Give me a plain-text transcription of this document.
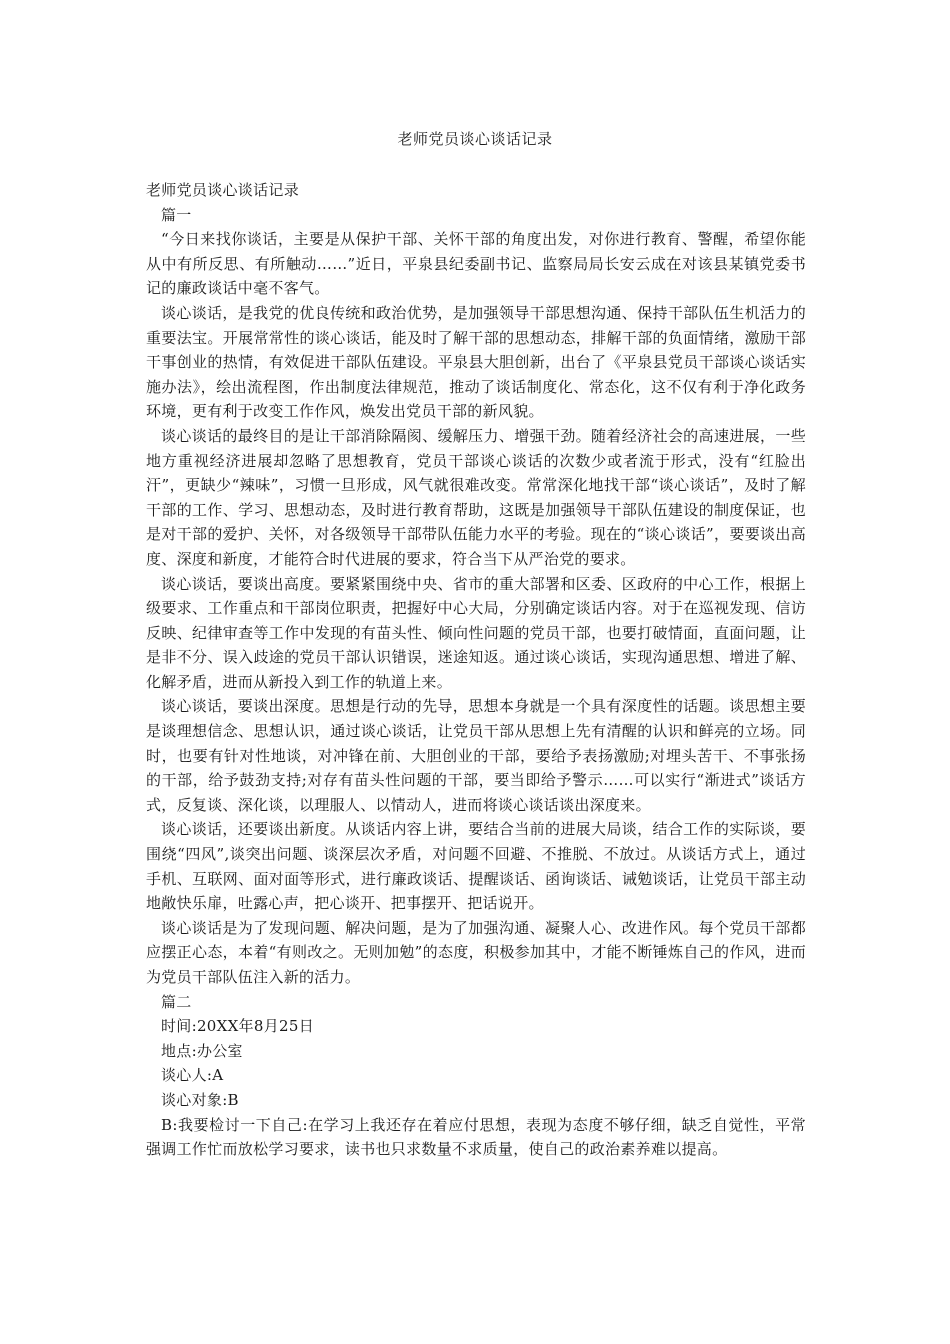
老师党员谈心谈话记录

老师党员谈心谈话记录

篇一

“今日来找你谈话，主要是从保护干部、关怀干部的角度出发，对你进行教育、警醒，希望你能从中有所反思、有所触动……”近日，平泉县纪委副书记、监察局局长安云成在对该县某镇党委书记的廉政谈话中毫不客气。

谈心谈话，是我党的优良传统和政治优势，是加强领导干部思想沟通、保持干部队伍生机活力的重要法宝。开展常常性的谈心谈话，能及时了解干部的思想动态，排解干部的负面情绪，激励干部干事创业的热情，有效促进干部队伍建设。平泉县大胆创新，出台了《平泉县党员干部谈心谈话实施办法》，绘出流程图，作出制度法律规范，推动了谈话制度化、常态化，这不仅有利于净化政务环境，更有利于改变工作作风，焕发出党员干部的新风貌。

谈心谈话的最终目的是让干部消除隔阂、缓解压力、增强干劲。随着经济社会的高速进展，一些地方重视经济进展却忽略了思想教育，党员干部谈心谈话的次数少或者流于形式，没有“红脸出汗”，更缺少“辣味”，习惯一旦形成，风气就很难改变。常常深化地找干部“谈心谈话”，及时了解干部的工作、学习、思想动态，及时进行教育帮助，这既是加强领导干部队伍建设的制度保证，也是对干部的爱护、关怀，对各级领导干部带队伍能力水平的考验。现在的“谈心谈话”，要要谈出高度、深度和新度，才能符合时代进展的要求，符合当下从严治党的要求。

谈心谈话，要谈出高度。要紧紧围绕中央、省市的重大部署和区委、区政府的中心工作，根据上级要求、工作重点和干部岗位职责，把握好中心大局，分别确定谈话内容。对于在巡视发现、信访反映、纪律审查等工作中发现的有苗头性、倾向性问题的党员干部，也要打破情面，直面问题，让是非不分、误入歧途的党员干部认识错误，迷途知返。通过谈心谈话，实现沟通思想、增进了解、化解矛盾，进而从新投入到工作的轨道上来。

谈心谈话，要谈出深度。思想是行动的先导，思想本身就是一个具有深度性的话题。谈思想主要是谈理想信念、思想认识，通过谈心谈话，让党员干部从思想上先有清醒的认识和鲜亮的立场。同时，也要有针对性地谈，对冲锋在前、大胆创业的干部，要给予表扬激励;对埋头苦干、不事张扬的干部，给予鼓劲支持;对存有苗头性问题的干部，要当即给予警示……可以实行“渐进式”谈话方式，反复谈、深化谈，以理服人、以情动人，进而将谈心谈话谈出深度来。

谈心谈话，还要谈出新度。从谈话内容上讲，要结合当前的进展大局谈，结合工作的实际谈，要围绕“四风”,谈突出问题、谈深层次矛盾，对问题不回避、不推脱、不放过。从谈话方式上，通过手机、互联网、面对面等形式，进行廉政谈话、提醒谈话、函询谈话、诫勉谈话，让党员干部主动地敞快乐扉，吐露心声，把心谈开、把事摆开、把话说开。

谈心谈话是为了发现问题、解决问题，是为了加强沟通、凝聚人心、改进作风。每个党员干部都应摆正心态，本着“有则改之。无则加勉”的态度，积极参加其中，才能不断锤炼自己的作风，进而为党员干部队伍注入新的活力。

篇二

时间:20XX年8月25日

地点:办公室

谈心人:A

谈心对象:B

B:我要检讨一下自己:在学习上我还存在着应付思想，表现为态度不够仔细，缺乏自觉性，平常强调工作忙而放松学习要求，读书也只求数量不求质量，使自己的政治素养难以提高。
